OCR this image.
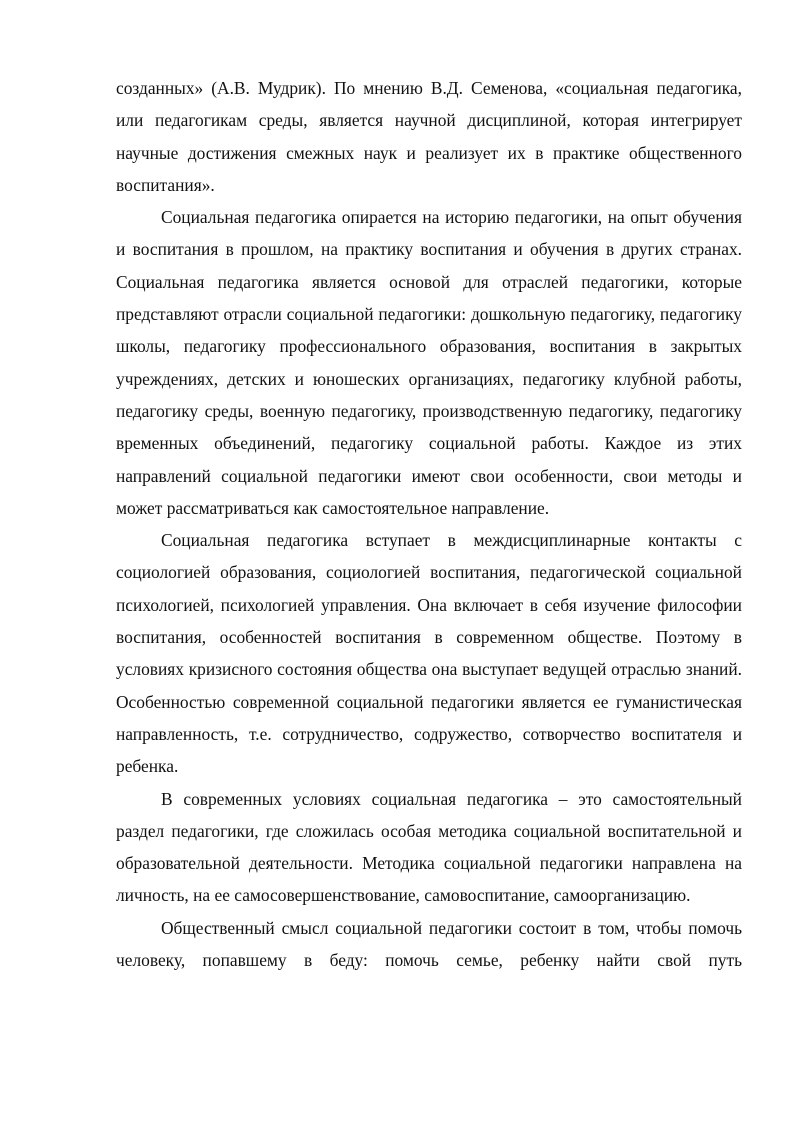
созданных» (А.В. Мудрик). По мнению В.Д. Семенова, «социальная педагогика, или педагогикам среды, является научной дисциплиной, которая интегрирует научные достижения смежных наук и реализует их в практике общественного воспитания».

Социальная педагогика опирается на историю педагогики, на опыт обучения и воспитания в прошлом, на практику воспитания и обучения в других странах. Социальная педагогика является основой для отраслей педагогики, которые представляют отрасли социальной педагогики: дошкольную педагогику, педагогику школы, педагогику профессионального образования, воспитания в закрытых учреждениях, детских и юношеских организациях, педагогику клубной работы, педагогику среды, военную педагогику, производственную педагогику, педагогику временных объединений, педагогику социальной работы. Каждое из этих направлений социальной педагогики имеют свои особенности, свои методы и может рассматриваться как самостоятельное направление.

Социальная педагогика вступает в междисциплинарные контакты с социологией образования, социологией воспитания, педагогической социальной психологией, психологией управления. Она включает в себя изучение философии воспитания, особенностей воспитания в современном обществе. Поэтому в условиях кризисного состояния общества она выступает ведущей отраслью знаний. Особенностью современной социальной педагогики является ее гуманистическая направленность, т.е. сотрудничество, содружество, сотворчество воспитателя и ребенка.

В современных условиях социальная педагогика – это самостоятельный раздел педагогики, где сложилась особая методика социальной воспитательной и образовательной деятельности. Методика социальной педагогики направлена на личность, на ее самосовершенствование, самовоспитание, самоорганизацию.

Общественный смысл социальной педагогики состоит в том, чтобы помочь человеку, попавшему в беду: помочь семье, ребенку найти свой путь
